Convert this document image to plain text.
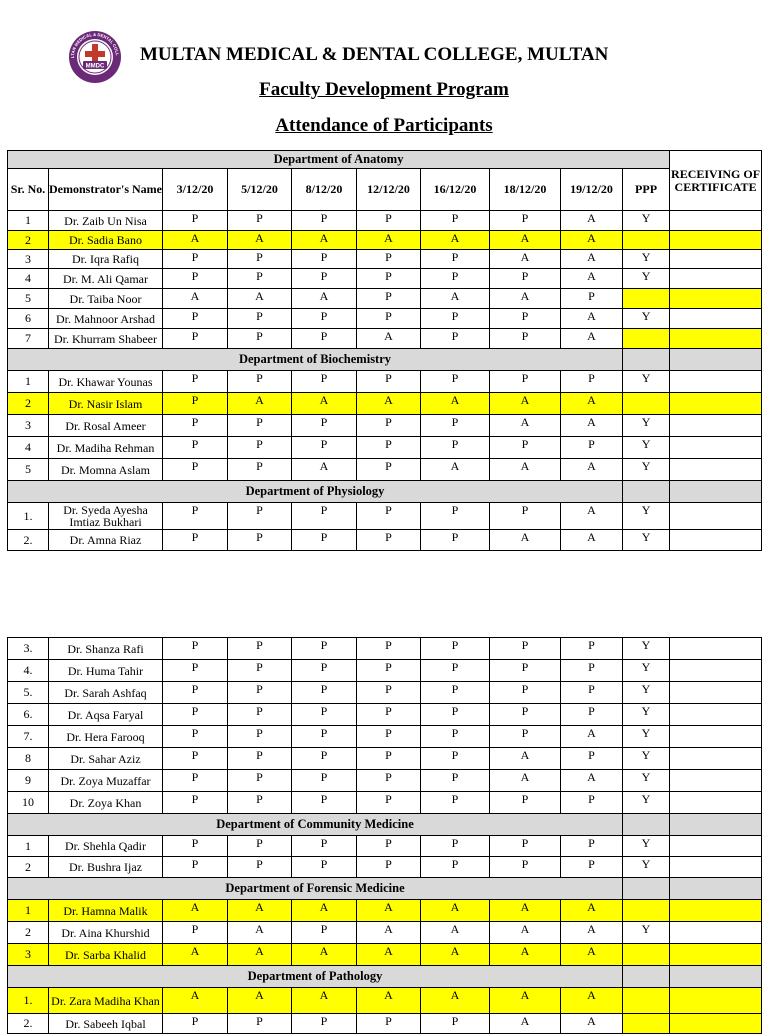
MMDC
LTAN MEDICAL & DENTAL COLL MULTAN MEDICAL & DENTAL COLLEGE, MULTAN
Faculty Development Program
Attendance of Participants
Department of Anatomy										RECEIVING OF CERTIFICATE
Sr. No.	Demonstrator's Name	3/12/20	5/12/20	8/12/20	12/12/20	16/12/20	18/12/20	19/12/20	PPP	
1	Dr. Zaib Un Nisa	P	P	P	P	P	P	A	Y	
2	Dr. Sadia Bano	A	A	A	A	A	A	A		
3	Dr. Iqra Rafiq	P	P	P	P	P	A	A	Y	
4	Dr. M. Ali Qamar	P	P	P	P	P	P	A	Y	
5	Dr. Taiba Noor	A	A	A	P	A	A	P		
6	Dr. Mahnoor Arshad	P	P	P	P	P	P	A	Y	
7	Dr. Khurram Shabeer	P	P	P	A	P	P	A		
Department of Biochemistry										
1	Dr. Khawar Younas	P	P	P	P	P	P	P	Y	
2	Dr. Nasir Islam	P	A	A	A	A	A	A		
3	Dr. Rosal Ameer	P	P	P	P	P	A	A	Y	
4	Dr. Madiha Rehman	P	P	P	P	P	P	P	Y	
5	Dr. Momna Aslam	P	P	A	P	A	A	A	Y	
Department of Physiology										
1.	Dr. Syeda Ayesha Imtiaz Bukhari	P	P	P	P	P	P	A	Y	
2.	Dr. Amna Riaz	P	P	P	P	P	A	A	Y	
3.	Dr. Shanza Rafi	P	P	P	P	P	P	P	Y	
4.	Dr. Huma Tahir	P	P	P	P	P	P	P	Y	
5.	Dr. Sarah Ashfaq	P	P	P	P	P	P	P	Y	
6.	Dr. Aqsa Faryal	P	P	P	P	P	P	P	Y	
7.	Dr. Hera Farooq	P	P	P	P	P	P	A	Y	
8	Dr. Sahar Aziz	P	P	P	P	P	A	P	Y	
9	Dr. Zoya Muzaffar	P	P	P	P	P	A	A	Y	
10	Dr. Zoya Khan	P	P	P	P	P	P	P	Y	
Department of Community Medicine										
1	Dr. Shehla Qadir	P	P	P	P	P	P	P	Y	
2	Dr. Bushra Ijaz	P	P	P	P	P	P	P	Y	
Department of Forensic Medicine										
1	Dr. Hamna Malik	A	A	A	A	A	A	A		
2	Dr. Aina Khurshid	P	A	P	A	A	A	A	Y	
3	Dr. Sarba Khalid	A	A	A	A	A	A	A		
Department of Pathology										
1.	Dr. Zara Madiha Khan	A	A	A	A	A	A	A		
2.	Dr. Sabeeh Iqbal	P	P	P	P	P	A	A		
